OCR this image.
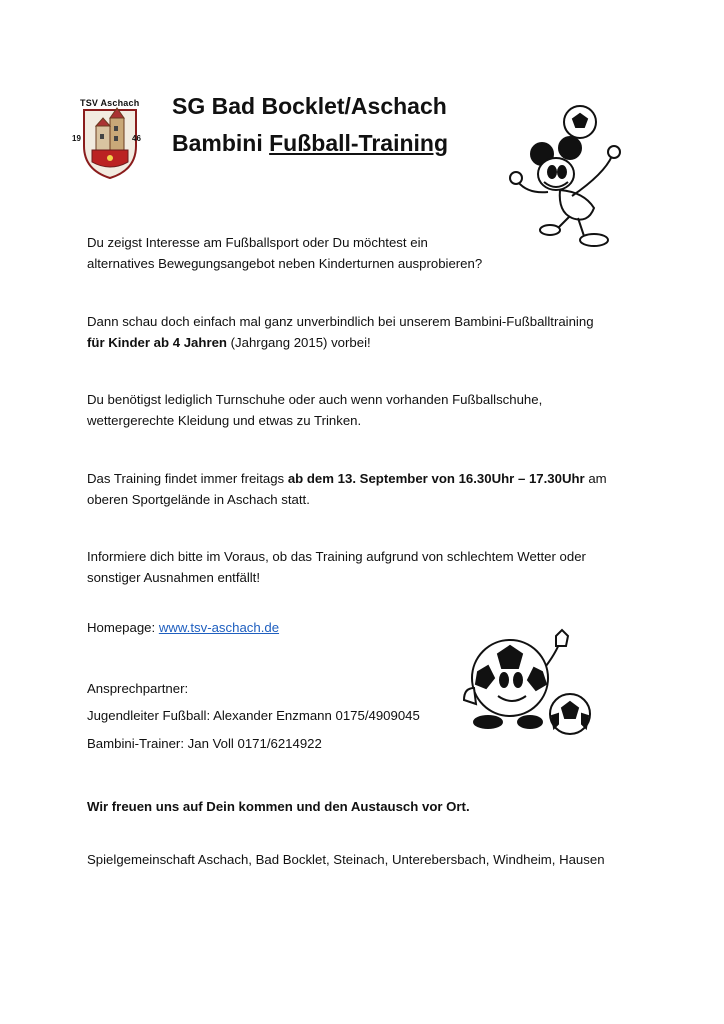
TSV Aschach
19	46
SG Bad Bocklet/Aschach
Bambini Fußball-Training
Du zeigst Interesse am Fußballsport oder Du möchtest ein
alternatives Bewegungsangebot neben Kinderturnen ausprobieren?
Dann schau doch einfach mal ganz unverbindlich bei unserem Bambini-Fußballtraining
für Kinder ab 4 Jahren (Jahrgang 2015) vorbei!
Du benötigst lediglich Turnschuhe oder auch wenn vorhanden Fußballschuhe,
wettergerechte Kleidung und etwas zu Trinken.
Das Training findet immer freitags ab dem 13. September von 16.30Uhr – 17.30Uhr am
oberen Sportgelände in Aschach statt.
Informiere dich bitte im Voraus, ob das Training aufgrund von schlechtem Wetter oder
sonstiger Ausnahmen entfällt!
Homepage: www.tsv-aschach.de
Ansprechpartner:
Jugendleiter Fußball: Alexander Enzmann 0175/4909045
Bambini-Trainer: Jan Voll 0171/6214922
Wir freuen uns auf Dein kommen und den Austausch vor Ort.
Spielgemeinschaft Aschach, Bad Bocklet, Steinach, Unterebersbach, Windheim, Hausen
